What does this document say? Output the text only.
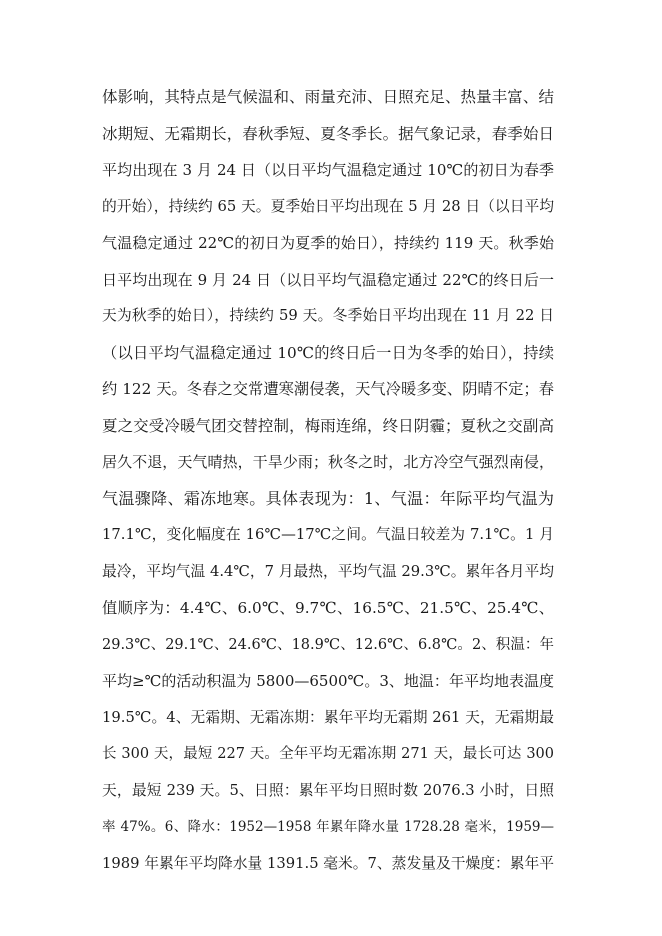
体影响，其特点是气候温和、雨量充沛、日照充足、热量丰富、结
冰期短、无霜期长，春秋季短、夏冬季长。据气象记录，春季始日
平均出现在 3 月 24 日（以日平均气温稳定通过 10℃的初日为春季
的开始），持续约 65 天。夏季始日平均出现在 5 月 28 日（以日平均
气温稳定通过 22℃的初日为夏季的始日），持续约 119 天。秋季始
日平均出现在 9 月 24 日（以日平均气温稳定通过 22℃的终日后一
天为秋季的始日），持续约 59 天。冬季始日平均出现在 11 月 22 日
（以日平均气温稳定通过 10℃的终日后一日为冬季的始日），持续
约 122 天。冬春之交常遭寒潮侵袭，天气冷暖多变、阴晴不定；春
夏之交受冷暖气团交替控制，梅雨连绵，终日阴霾；夏秋之交副高
居久不退，天气晴热，干旱少雨；秋冬之时，北方冷空气强烈南侵，
气温骤降、霜冻地寒。具体表现为：1、气温：年际平均气温为
17.1℃，变化幅度在 16℃—17℃之间。气温日较差为 7.1℃。1 月
最冷，平均气温 4.4℃，7 月最热，平均气温 29.3℃。累年各月平均
值顺序为：4.4℃、6.0℃、9.7℃、16.5℃、21.5℃、25.4℃、
29.3℃、29.1℃、24.6℃、18.9℃、12.6℃、6.8℃。2、积温：年
平均≥℃的活动积温为 5800—6500℃。3、地温：年平均地表温度
19.5℃。4、无霜期、无霜冻期：累年平均无霜期 261 天，无霜期最
长 300 天，最短 227 天。全年平均无霜冻期 271 天，最长可达 300
天，最短 239 天。5、日照：累年平均日照时数 2076.3 小时，日照
率 47%。6、降水：1952—1958 年累年降水量 1728.28 毫米，1959—
1989 年累年平均降水量 1391.5 毫米。7、蒸发量及干燥度：累年平
